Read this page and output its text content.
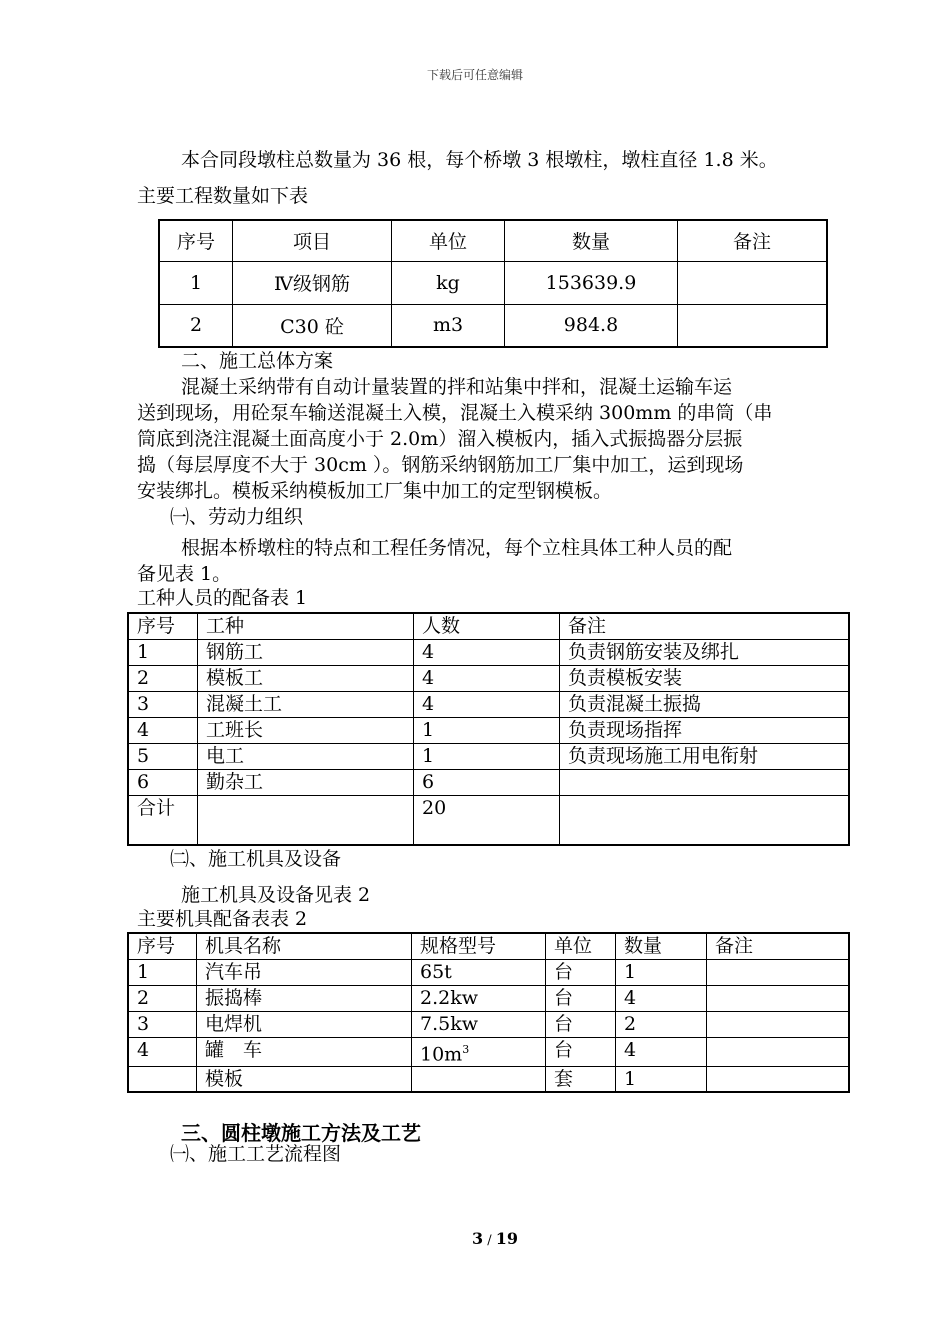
下载后可任意编辑
本合同段墩柱总数量为 36 根，每个桥墩 3 根墩柱，墩柱直径 1.8 米。
主要工程数量如下表
序号	项目	单位	数量	备注
1	Ⅳ级钢筋	kg	153639.9	
2	C30 砼	m3	984.8	
二、施工总体方案
混凝土采纳带有自动计量装置的拌和站集中拌和，混凝土运输车运
送到现场，用砼泵车输送混凝土入模，混凝土入模采纳 300mm 的串筒（串
筒底到浇注混凝土面高度小于 2.0m）溜入模板内，插入式振捣器分层振
捣（每层厚度不大于 30cm ）。钢筋采纳钢筋加工厂集中加工，运到现场
安装绑扎。模板采纳模板加工厂集中加工的定型钢模板。
㈠、劳动力组织
根据本桥墩柱的特点和工程任务情况，每个立柱具体工种人员的配
备见表 1。
工种人员的配备表 1
序号	工种	人数	备注
1	钢筋工	4	负责钢筋安装及绑扎
2	模板工	4	负责模板安装
3	混凝土工	4	负责混凝土振捣
4	工班长	1	负责现场指挥
5	电工	1	负责现场施工用电衔射
6	勤杂工	6	
合计		20	
㈡、施工机具及设备
施工机具及设备见表 2
主要机具配备表表 2
序号	机具名称	规格型号	单位	数量	备注
1	汽车吊	65t	台	1	
2	振捣棒	2.2kw	台	4	
3	电焊机	7.5kw	台	2	
4	罐　车	$10m^3$	台	4	
	模板		套	1	
三、圆柱墩施工方法及工艺
㈠、施工工艺流程图
3 / 19
